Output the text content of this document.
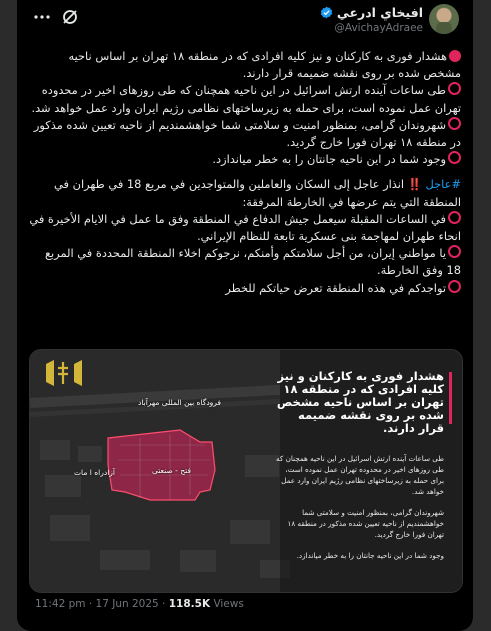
افيخاي ادرعي
@AvichayAdraee

هشدار فوری به کارکنان و نیز کلیه افرادی که در منطقه ۱۸ تهران بر اساس ناحیه مشخص شده بر روی نقشه ضمیمه قرار دارند.

طی ساعات آینده ارتش اسرائیل در این ناحیه همچنان که طی روزهای اخیر در محدوده تهران عمل نموده است، برای حمله به زیرساختهای نظامی رژیم ایران وارد عمل خواهد شد.

شهروندان گرامی، بمنظور امنیت و سلامتی شما خواهشمندیم از ناحیه تعیین شده مذکور در منطقه ۱۸ تهران فورا خارج گردید.

وجود شما در این ناحیه جانتان را به خطر میاندازد.

#عاجل ‼️ انذار عاجل إلى السكان والعاملين والمتواجدين في مربع 18 في طهران في المنطقة التي يتم عرضها في الخارطة المرفقة:

في الساعات المقبلة سيعمل جيش الدفاع في المنطقة وفق ما عمل في الايام الأخيرة في انحاء طهران لمهاجمة بنى عسكرية تابعة للنظام الإيراني.

يا مواطني إيران، من أجل سلامتكم وأمنكم، نرجوكم اخلاء المنطقة المحددة في المربع 18 وفق الخارطة.

تواجدكم في هذه المنطقة تعرض حياتكم للخطر

فرودگاه بین المللی مهرآباد
فتح - صنعتی
آزادراه ا مات

هشدار فوری به کارکنان و نیز کلیه افرادی که در منطقه ۱۸ تهران بر اساس ناحیه مشخص شده بر روی نقشه ضمیمه قرار دارند.

طی ساعات آینده ارتش اسرائیل در این ناحیه همچنان که طی روزهای اخیر در محدوده تهران عمل نموده است، برای حمله به زیرساختهای نظامی رژیم ایران وارد عمل خواهد شد.

شهروندان گرامی، بمنظور امنیت و سلامتی شما خواهشمندیم از ناحیه تعیین شده مذکور در منطقه ۱۸ تهران فورا خارج گردید.

وجود شما در این ناحیه جانتان را به خطر میاندازد.

11:42 pm · 17 Jun 2025 · 118.5K Views
